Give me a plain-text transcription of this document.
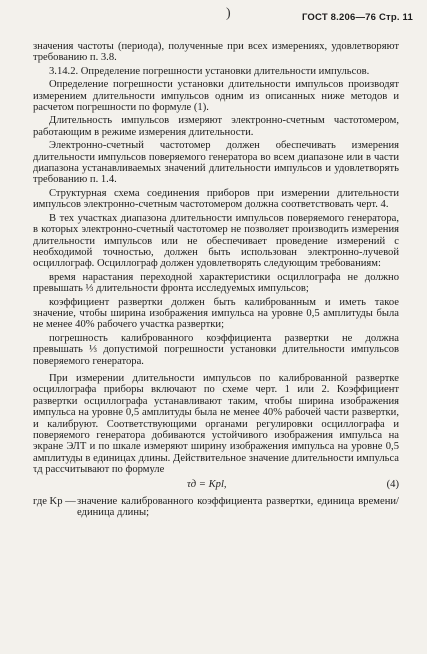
)	ГОСТ 8.206—76 Стр. 11

значения частоты (периода), полученные при всех измерениях, удовлетворяют требованию п. 3.8.

3.14.2. Определение погрешности установки длительности импульсов.

Определение погрешности установки длительности импульсов производят измерением длительности импульсов одним из описанных ниже методов и расчетом погрешности по формуле (1).

Длительность импульсов измеряют электронно-счетным частотомером, работающим в режиме измерения длительности.

Электронно-счетный частотомер должен обеспечивать измерения длительности импульсов поверяемого генератора во всем диапазоне или в части диапазона устанавливаемых значений длительности импульсов и удовлетворять требованию п. 1.4.

Структурная схема соединения приборов при измерении длительности импульсов электронно-счетным частотомером должна соответствовать черт. 4.

В тех участках диапазона длительности импульсов поверяемого генератора, в которых электронно-счетный частотомер не позволяет производить измерения длительности импульсов или не обеспечивает проведение измерений с необходимой точностью, должен быть использован электронно-лучевой осциллограф. Осциллограф должен удовлетворять следующим требованиям:

время нарастания переходной характеристики осциллографа не должно превышать ⅓ длительности фронта исследуемых импульсов;

коэффициент развертки должен быть калиброванным и иметь такое значение, чтобы ширина изображения импульса на уровне 0,5 амплитуды была не менее 40% рабочего участка развертки;

погрешность калиброванного коэффициента развертки не должна превышать ⅓ допустимой погрешности установки длительности импульсов поверяемого генератора.

При измерении длительности импульсов по калиброванной развертке осциллографа приборы включают по схеме черт. 1 или 2. Коэффициент развертки осциллографа устанавливают таким, чтобы ширина изображения импульса на уровне 0,5 амплитуды была не менее 40% рабочей части развертки, и калибруют. Соответствующими органами регулировки осциллографа и поверяемого генератора добиваются устойчивого изображения импульса на экране ЭЛТ и по шкале измеряют ширину изображения импульса на уровне 0,5 амплитуды в единицах длины. Действительное значение длительности импульса τд рассчитывают по формуле

τд = Kрl,	(4)
где Kр — значение калиброванного коэффициента развертки, единица времени/единица длины;
